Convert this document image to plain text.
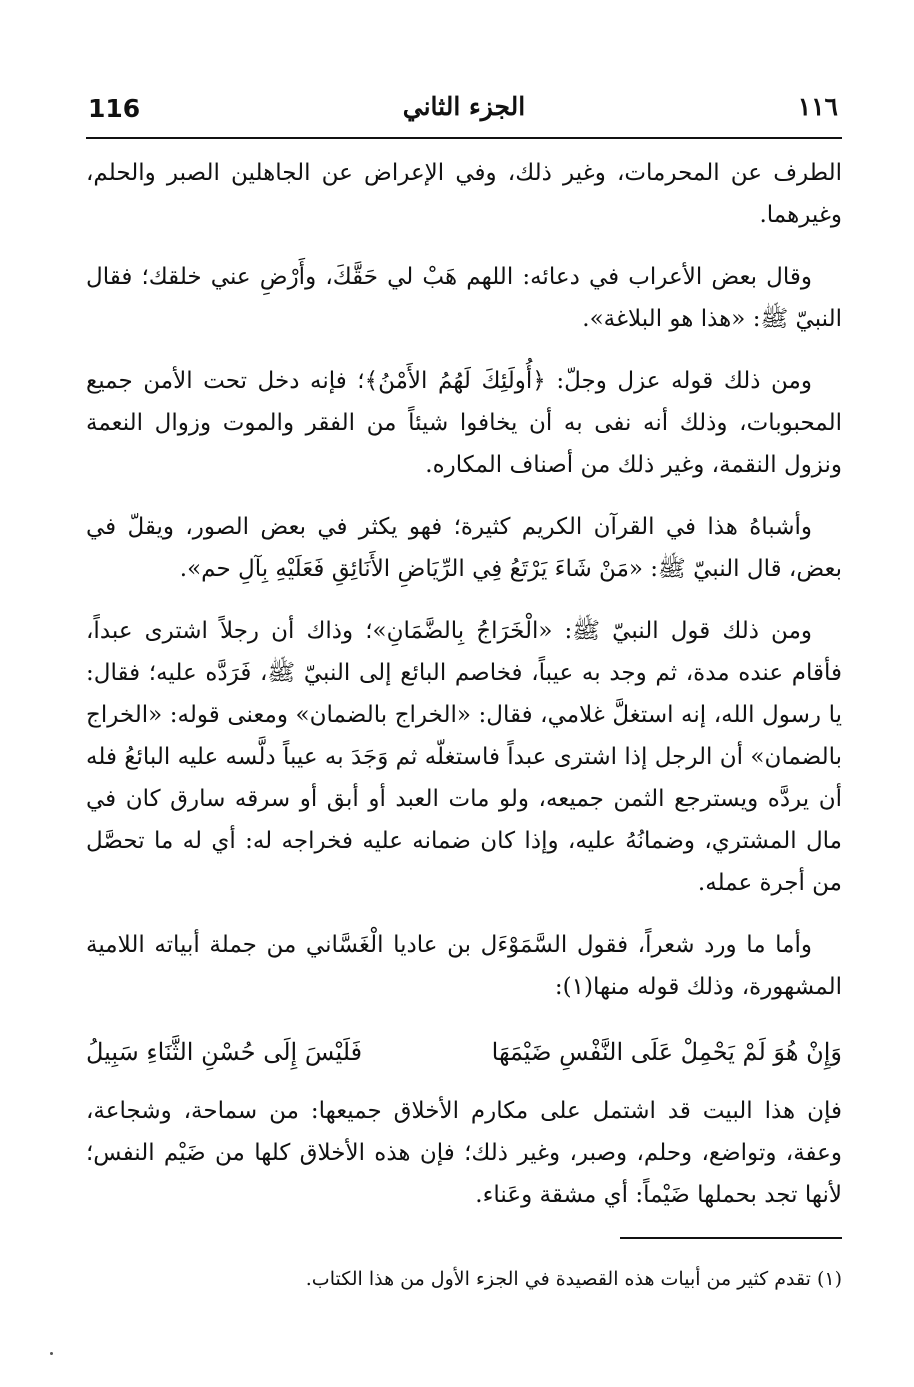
116	الجزء الثاني	١١٦

الطرف عن المحرمات، وغير ذلك، وفي الإعراض عن الجاهلين الصبر والحلم، وغيرهما.

وقال بعض الأعراب في دعائه: اللهم هَبْ لي حَقَّكَ، وأَرْضِ عني خلقك؛ فقال النبيّ ﷺ: «هذا هو البلاغة».

ومن ذلك قوله عزل وجلّ: ﴿أُولَئِكَ لَهُمُ الأَمْنُ﴾؛ فإنه دخل تحت الأمن جميع المحبوبات، وذلك أنه نفى به أن يخافوا شيئاً من الفقر والموت وزوال النعمة ونزول النقمة، وغير ذلك من أصناف المكاره.

وأشباهُ هذا في القرآن الكريم كثيرة؛ فهو يكثر في بعض الصور، ويقلّ في بعض، قال النبيّ ﷺ: «مَنْ شَاءَ يَرْتَعُ فِي الرِّيَاضِ الأَنَائِقِ فَعَلَيْهِ بِآلِ حم».

ومن ذلك قول النبيّ ﷺ: «الْخَرَاجُ بِالضَّمَانِ»؛ وذاك أن رجلاً اشترى عبداً، فأقام عنده مدة، ثم وجد به عيباً، فخاصم البائع إلى النبيّ ﷺ، فَرَدَّه عليه؛ فقال: يا رسول الله، إنه استغلَّ غلامي، فقال: «الخراج بالضمان» ومعنى قوله: «الخراج بالضمان» أن الرجل إذا اشترى عبداً فاستغلّه ثم وَجَدَ به عيباً دلَّسه عليه البائعُ فله أن يردَّه ويسترجع الثمن جميعه، ولو مات العبد أو أبق أو سرقه سارق كان في مال المشتري، وضمانُهُ عليه، وإذا كان ضمانه عليه فخراجه له: أي له ما تحصَّل من أجرة عمله.

وأما ما ورد شعراً، فقول السَّمَوْءَل بن عاديا الْغَسَّاني من جملة أبياته اللامية المشهورة، وذلك قوله منها(١):

وَإِنْ هُوَ لَمْ يَحْمِلْ عَلَى النَّفْسِ ضَيْمَهَا
فَلَيْسَ إِلَى حُسْنِ الثَّنَاءِ سَبِيلُ

فإن هذا البيت قد اشتمل على مكارم الأخلاق جميعها: من سماحة، وشجاعة، وعفة، وتواضع، وحلم، وصبر، وغير ذلك؛ فإن هذه الأخلاق كلها من ضَيْم النفس؛ لأنها تجد بحملها ضَيْماً: أي مشقة وعَناء.

(١) تقدم كثير من أبيات هذه القصيدة في الجزء الأول من هذا الكتاب.
